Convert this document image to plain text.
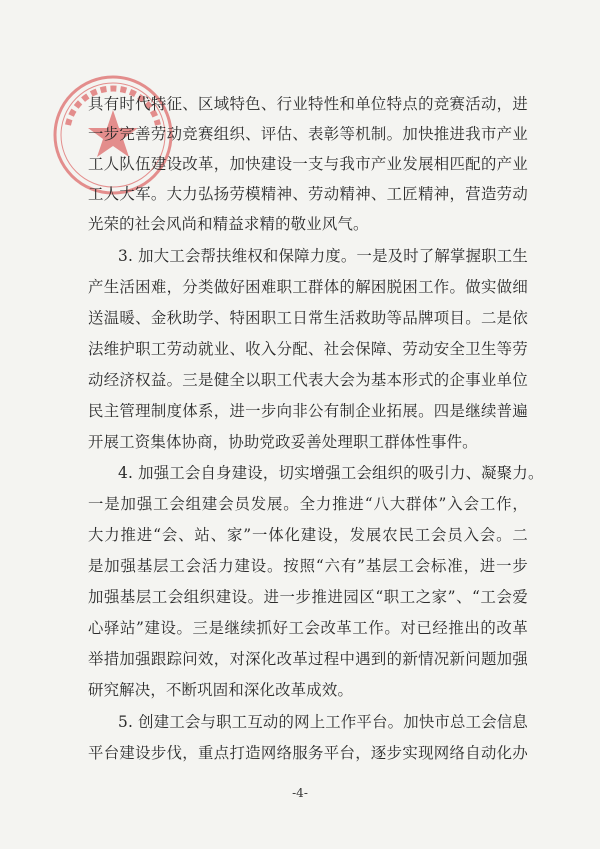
具有时代特征、区域特色、行业特性和单位特点的竞赛活动，进
一步完善劳动竞赛组织、评估、表彰等机制。加快推进我市产业
工人队伍建设改革，加快建设一支与我市产业发展相匹配的产业
工人大军。大力弘扬劳模精神、劳动精神、工匠精神，营造劳动
光荣的社会风尚和精益求精的敬业风气。
3. 加大工会帮扶维权和保障力度。一是及时了解掌握职工生
产生活困难，分类做好困难职工群体的解困脱困工作。做实做细
送温暖、金秋助学、特困职工日常生活救助等品牌项目。二是依
法维护职工劳动就业、收入分配、社会保障、劳动安全卫生等劳
动经济权益。三是健全以职工代表大会为基本形式的企事业单位
民主管理制度体系，进一步向非公有制企业拓展。四是继续普遍
开展工资集体协商，协助党政妥善处理职工群体性事件。
4. 加强工会自身建设，切实增强工会组织的吸引力、凝聚力。
一是加强工会组建会员发展。全力推进“八大群体”入会工作，
大力推进“会、站、家”一体化建设，发展农民工会员入会。二
是加强基层工会活力建设。按照“六有”基层工会标准，进一步
加强基层工会组织建设。进一步推进园区“职工之家”、“工会爱
心驿站”建设。三是继续抓好工会改革工作。对已经推出的改革
举措加强跟踪问效，对深化改革过程中遇到的新情况新问题加强
研究解决，不断巩固和深化改革成效。
5. 创建工会与职工互动的网上工作平台。加快市总工会信息
平台建设步伐，重点打造网络服务平台，逐步实现网络自动化办
-4-
